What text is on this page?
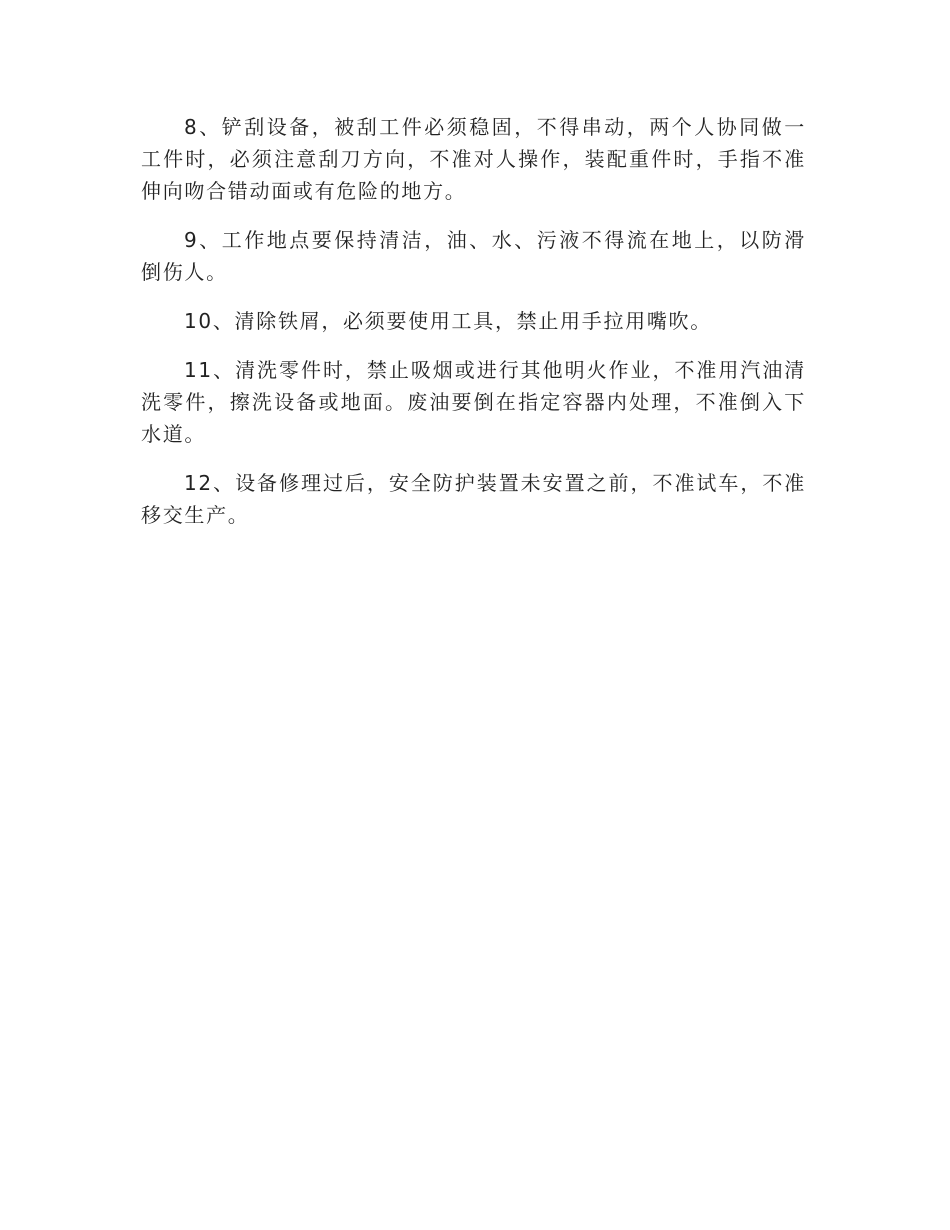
8、铲刮设备，被刮工件必须稳固，不得串动，两个人协同做一工件时，必须注意刮刀方向，不准对人操作，装配重件时，手指不准伸向吻合错动面或有危险的地方。

9、工作地点要保持清洁，油、水、污液不得流在地上，以防滑倒伤人。

10、清除铁屑，必须要使用工具，禁止用手拉用嘴吹。

11、清洗零件时，禁止吸烟或进行其他明火作业，不准用汽油清洗零件，擦洗设备或地面。废油要倒在指定容器内处理，不准倒入下水道。

12、设备修理过后，安全防护装置未安置之前，不准试车，不准移交生产。
